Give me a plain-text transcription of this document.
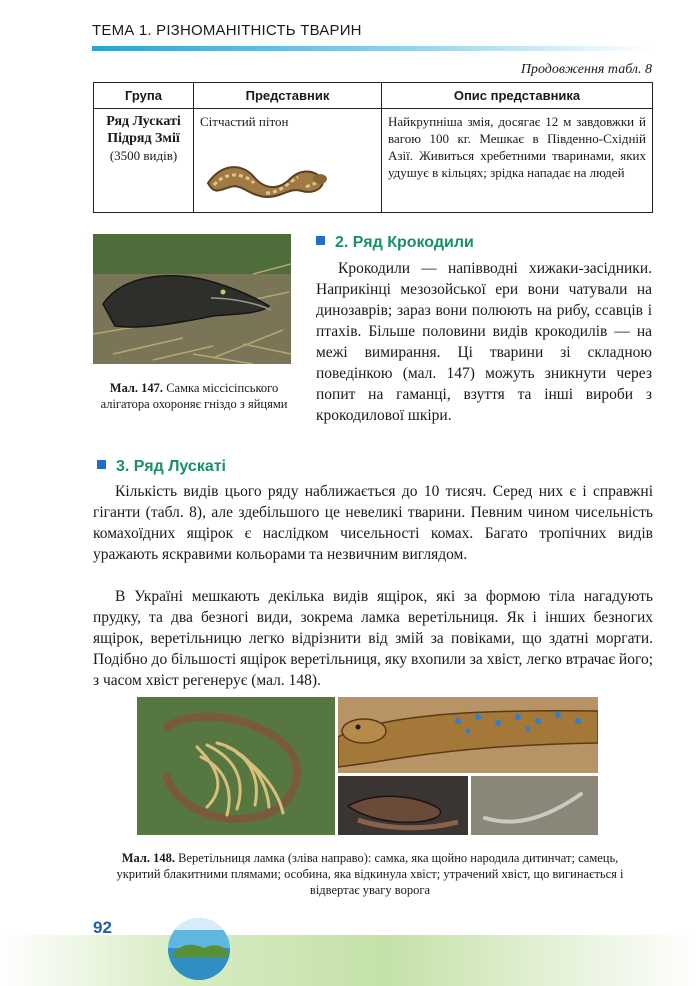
ТЕМА 1. РІЗНОМАНІТНІСТЬ ТВАРИН
Продовження табл. 8
Група	Представник	Опис представника

Ряд Лускаті
Підряд Змії
(3500 видів)	Сітчастий пітон	Найкрупніша змія, досягає 12 м завдовжки й вагою 100 кг. Мешкає в Південно-Східній Азії. Живиться хребетними тваринами, яких удушує в кільцях; зрідка нападає на людей
Мал. 147. Самка міссісіпського алігатора охороняє гніздо з яйцями
2. Ряд Крокодили
Крокодили — напівводні хижаки-засідники. Наприкінці мезозойської ери вони чатували на динозаврів; зараз вони полюють на рибу, ссавців і птахів. Більше половини видів крокодилів — на межі вимирання. Ці тварини зі складною поведінкою (мал. 147) можуть зникнути через попит на гаманці, взуття та інші вироби з крокодилової шкіри.
3. Ряд Лускаті
Кількість видів цього ряду наближається до 10 тисяч. Серед них є і справжні гіганти (табл. 8), але здебільшого це невеликі тварини. Певним чином чисельність комахоїдних ящірок є наслідком чисельності комах. Багато тропічних видів уражають яскравими кольорами та незвичним виглядом.
В Україні мешкають декілька видів ящірок, які за формою тіла нагадують прудку, та два безногі види, зокрема ламка веретільниця. Як і інших безногих ящірок, веретільницю легко відрізнити від змій за повіками, що здатні моргати. Подібно до більшості ящірок веретільниця, яку вхопили за хвіст, легко втрачає його; з часом хвіст регенерує (мал. 148).
Мал. 148. Веретільниця ламка (зліва направо): самка, яка щойно народила дитинчат; самець, укритий блакитними плямами; особина, яка відкинула хвіст; утрачений хвіст, що вигинається і відвертає увагу ворога
92
